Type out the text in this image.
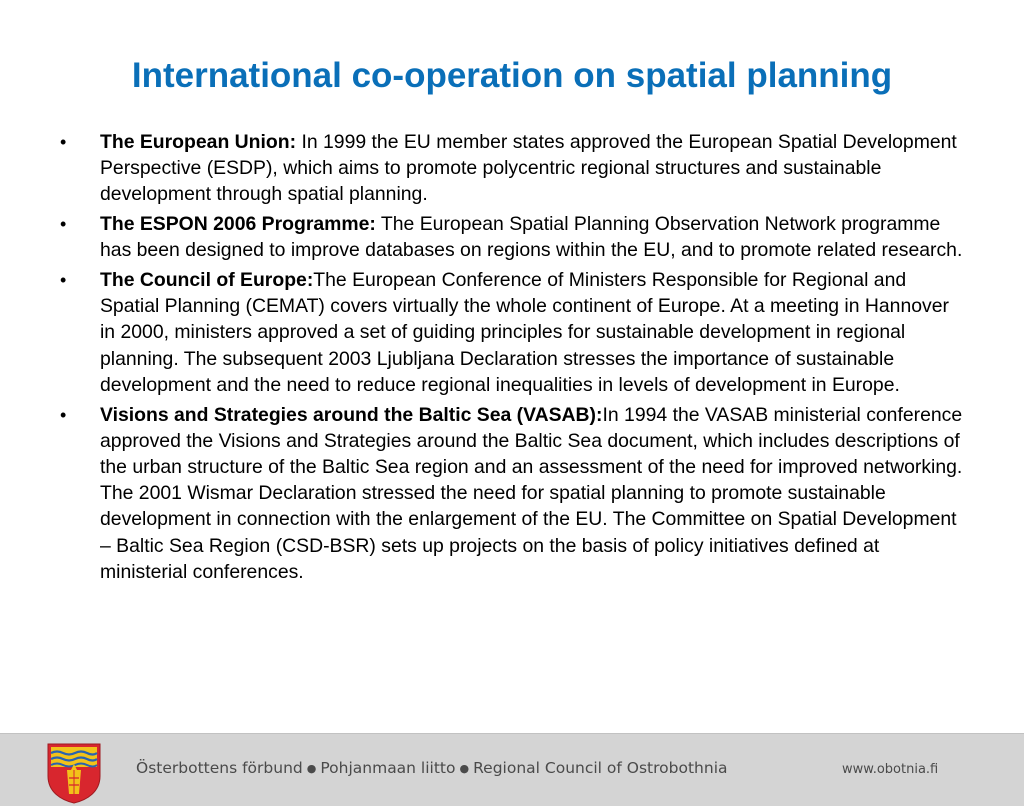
International co-operation on spatial planning
• The European Union: In 1999 the EU member states approved the European Spatial Development Perspective (ESDP), which aims to promote polycentric regional structures and sustainable development through spatial planning.
• The ESPON 2006 Programme: The European Spatial Planning Observation Network programme has been designed to improve databases on regions within the EU, and to promote related research.
• The Council of Europe:The European Conference of Ministers Responsible for Regional and Spatial Planning (CEMAT) covers virtually the whole continent of Europe. At a meeting in Hannover in 2000, ministers approved a set of guiding principles for sustainable development in regional planning. The subsequent 2003 Ljubljana Declaration stresses the importance of sustainable development and the need to reduce regional inequalities in levels of development in Europe.
• Visions and Strategies around the Baltic Sea (VASAB):In 1994 the VASAB ministerial conference approved the Visions and Strategies around the Baltic Sea document, which includes descriptions of the urban structure of the Baltic Sea region and an assessment of the need for improved networking. The 2001 Wismar Declaration stressed the need for spatial planning to promote sustainable development in connection with the enlargement of the EU. The Committee on Spatial Development – Baltic Sea Region (CSD-BSR) sets up projects on the basis of policy initiatives defined at ministerial conferences.
Österbottens förbund ● Pohjanmaan liitto ● Regional Council of Ostrobothnia	www.obotnia.fi
